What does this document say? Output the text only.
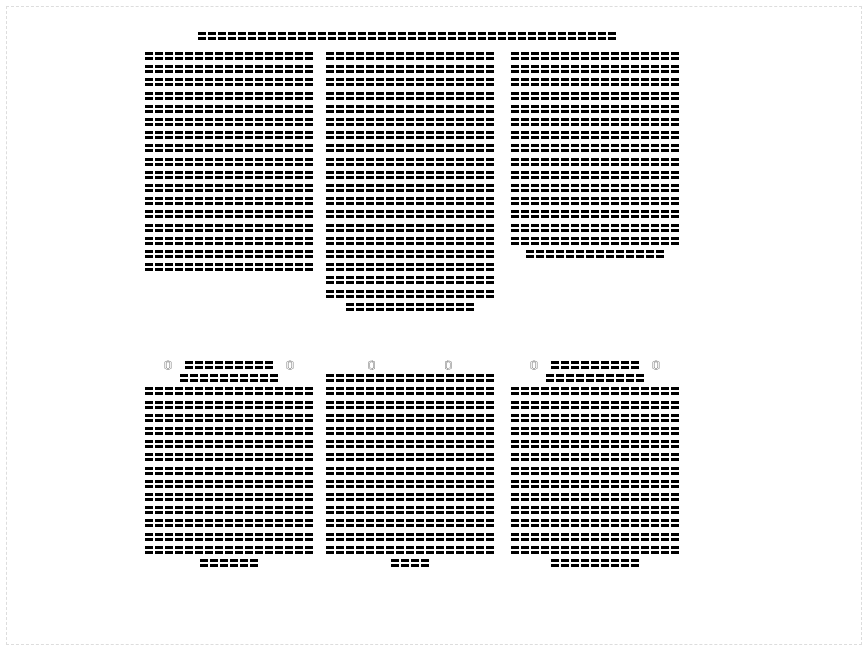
〓〓〓〓〓〓〓〓〓〓〓〓〓〓〓〓〓〓〓〓〓〓〓〓〓〓〓〓〓〓〓〓〓〓〓〓〓〓〓〓〓〓
〓〓〓〓〓〓〓〓〓〓〓〓〓〓〓〓〓〓〓〓〓〓〓〓〓〓〓〓〓〓〓〓〓〓〓〓〓〓〓〓〓〓〓〓〓〓〓〓〓〓〓〓〓〓〓〓〓〓〓〓〓〓〓〓〓〓〓〓〓〓〓〓〓〓〓〓〓〓〓〓〓〓〓〓〓〓〓〓〓〓〓〓〓〓〓〓〓〓〓〓〓〓〓〓〓〓〓〓〓〓〓〓〓〓〓〓〓〓〓〓〓〓〓〓〓〓〓〓〓〓〓〓〓〓〓〓〓〓〓〓〓〓〓〓〓〓〓〓〓〓〓〓〓〓〓〓〓〓〓〓〓〓〓〓〓〓〓〓〓〓〓〓〓〓〓〓〓〓〓〓〓〓〓〓〓〓〓〓〓〓〓〓〓〓〓〓〓〓〓〓〓〓〓〓〓〓〓〓〓〓〓〓〓〓〓〓〓〓〓〓〓〓〓〓〓〓〓〓〓〓〓〓〓〓〓〓〓〓〓〓〓〓〓〓〓〓〓〓〓〓〓〓〓〓〓〓〓〓〓〓〓〓〓〓〓〓〓〓〓〓〓〓〓〓〓〓〓〓〓〓〓〓〓〓〓〓〓〓〓
〓〓〓〓〓〓〓〓〓〓〓〓〓〓〓〓〓〓〓〓〓〓〓〓〓〓〓〓〓〓〓〓〓〓〓〓〓〓〓〓〓〓〓〓〓〓〓〓〓〓〓〓〓〓〓〓〓〓〓〓〓〓〓〓〓〓〓〓〓〓〓〓〓〓〓〓〓〓〓〓〓〓〓〓〓〓〓〓〓〓〓〓〓〓〓〓〓〓〓〓〓〓〓〓〓〓〓〓〓〓〓〓〓〓〓〓〓〓〓〓〓〓〓〓〓〓〓〓〓〓〓〓〓〓〓〓〓〓〓〓〓〓〓〓〓〓〓〓〓〓〓〓〓〓〓〓〓〓〓〓〓〓〓〓〓〓〓〓〓〓〓〓〓〓〓〓〓〓〓〓〓〓〓〓〓〓〓〓〓〓〓〓〓〓〓〓〓〓〓〓〓〓〓〓〓〓〓〓〓〓〓〓〓〓〓〓〓〓〓〓〓〓〓〓〓〓〓〓〓〓〓〓〓〓〓〓〓〓〓〓〓〓〓〓〓〓〓〓〓〓〓〓〓〓〓〓〓〓〓〓〓〓〓〓〓〓〓〓〓〓〓〓〓〓〓〓〓〓〓〓〓〓〓〓〓〓〓〓〓〓〓〓〓〓〓〓〓〓〓〓〓〓〓〓〓〓〓〓〓〓〓〓〓〓〓〓〓〓〓〓〓〓〓〓〓〓〓〓〓〓〓〓〓〓〓〓
〓〓〓〓〓〓〓〓〓〓〓〓〓〓〓〓〓〓〓〓〓〓〓〓〓〓〓〓〓〓〓〓〓〓〓〓〓〓〓〓〓〓〓〓〓〓〓〓〓〓〓〓〓〓〓〓〓〓〓〓〓〓〓〓〓〓〓〓〓〓〓〓〓〓〓〓〓〓〓〓〓〓〓〓〓〓〓〓〓〓〓〓〓〓〓〓〓〓〓〓〓〓〓〓〓〓〓〓〓〓〓〓〓〓〓〓〓〓〓〓〓〓〓〓〓〓〓〓〓〓〓〓〓〓〓〓〓〓〓〓〓〓〓〓〓〓〓〓〓〓〓〓〓〓〓〓〓〓〓〓〓〓〓〓〓〓〓〓〓〓〓〓〓〓〓〓〓〓〓〓〓〓〓〓〓〓〓〓〓〓〓〓〓〓〓〓〓〓〓〓〓〓〓〓〓〓〓〓〓〓〓〓〓〓〓〓〓〓〓〓〓〓〓〓〓〓〓〓〓〓〓〓〓〓〓〓〓〓〓〓〓〓〓〓〓〓〓〓〓〓〓〓〓〓〓〓〓〓〓〓〓〓〓〓〓〓〓〓〓
〘〙 〓〓〓〓〓〓〓〓〓 〘〙
〓〓〓〓〓〓〓〓〓〓
〓〓〓〓〓〓〓〓〓〓〓〓〓〓〓〓〓〓〓〓〓〓〓〓〓〓〓〓〓〓〓〓〓〓〓〓〓〓〓〓〓〓〓〓〓〓〓〓〓〓〓〓〓〓〓〓〓〓〓〓〓〓〓〓〓〓〓〓〓〓〓〓〓〓〓〓〓〓〓〓〓〓〓〓〓〓〓〓〓〓〓〓〓〓〓〓〓〓〓〓〓〓〓〓〓〓〓〓〓〓〓〓〓〓〓〓〓〓〓〓〓〓〓〓〓〓〓〓〓〓〓〓〓〓〓〓〓〓〓〓〓〓〓〓〓〓〓〓〓〓〓〓〓〓〓〓〓〓〓〓〓〓〓〓〓〓〓〓〓〓〓〓〓〓〓〓〓〓〓〓〓〓〓〓〓〓〓〓〓〓〓〓〓〓〓〓〓〓〓〓〓〓〓〓〓〓〓〓〓〓〓〓〓〓〓〓〓〓〓〓〓〓〓〓〓〓〓
〘〙	〘〙
〓〓〓〓〓〓〓〓〓〓〓〓〓〓〓〓〓〓〓〓〓〓〓〓〓〓〓〓〓〓〓〓〓〓〓〓〓〓〓〓〓〓〓〓〓〓〓〓〓〓〓〓〓〓〓〓〓〓〓〓〓〓〓〓〓〓〓〓〓〓〓〓〓〓〓〓〓〓〓〓〓〓〓〓〓〓〓〓〓〓〓〓〓〓〓〓〓〓〓〓〓〓〓〓〓〓〓〓〓〓〓〓〓〓〓〓〓〓〓〓〓〓〓〓〓〓〓〓〓〓〓〓〓〓〓〓〓〓〓〓〓〓〓〓〓〓〓〓〓〓〓〓〓〓〓〓〓〓〓〓〓〓〓〓〓〓〓〓〓〓〓〓〓〓〓〓〓〓〓〓〓〓〓〓〓〓〓〓〓〓〓〓〓〓〓〓〓〓〓〓〓〓〓〓〓〓〓〓〓〓〓〓〓〓〓〓〓〓〓〓〓〓〓〓〓〓〓〓〓〓〓〓〓〓〓〓〓〓〓〓〓〓
〘〙 〓〓〓〓〓〓〓〓〓 〘〙
〓〓〓〓〓〓〓〓〓〓
〓〓〓〓〓〓〓〓〓〓〓〓〓〓〓〓〓〓〓〓〓〓〓〓〓〓〓〓〓〓〓〓〓〓〓〓〓〓〓〓〓〓〓〓〓〓〓〓〓〓〓〓〓〓〓〓〓〓〓〓〓〓〓〓〓〓〓〓〓〓〓〓〓〓〓〓〓〓〓〓〓〓〓〓〓〓〓〓〓〓〓〓〓〓〓〓〓〓〓〓〓〓〓〓〓〓〓〓〓〓〓〓〓〓〓〓〓〓〓〓〓〓〓〓〓〓〓〓〓〓〓〓〓〓〓〓〓〓〓〓〓〓〓〓〓〓〓〓〓〓〓〓〓〓〓〓〓〓〓〓〓〓〓〓〓〓〓〓〓〓〓〓〓〓〓〓〓〓〓〓〓〓〓〓〓〓〓〓〓〓〓〓〓〓〓〓〓〓〓〓〓〓〓〓〓〓〓〓〓〓〓〓〓〓〓〓〓〓〓〓〓〓〓〓〓〓〓〓〓〓
